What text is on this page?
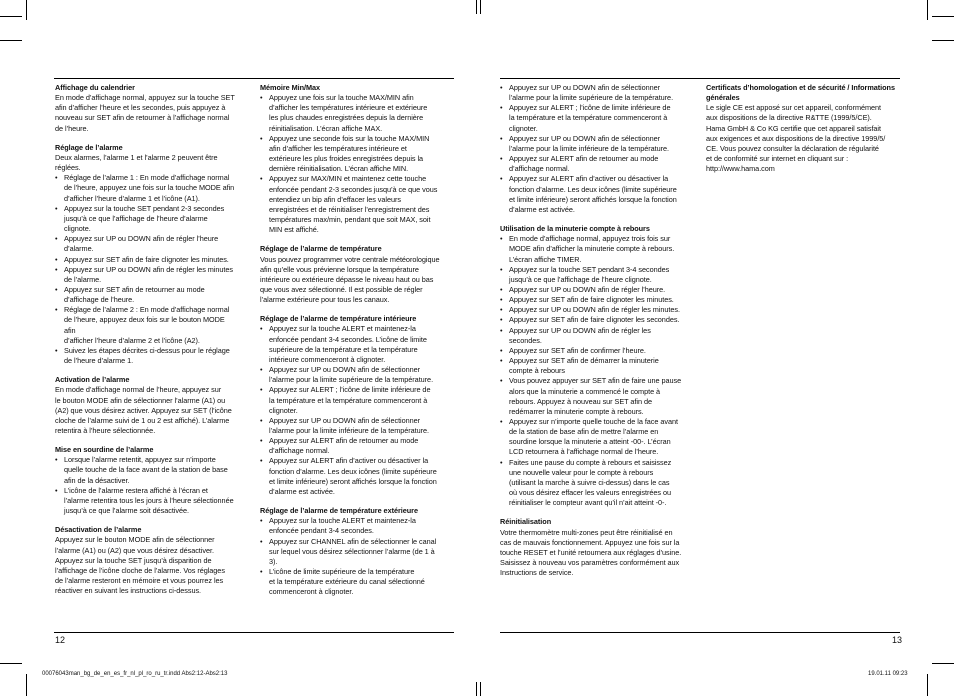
Affichage du calendrier

En mode d’affichage normal, appuyez sur la touche SET

afin d’afficher l’heure et les secondes, puis appuyez à

nouveau sur SET afin de retourner à l’affichage normal

de l’heure.

Réglage de l’alarme

Deux alarmes, l’alarme 1 et l’alarme 2 peuvent être

réglées.

• Réglage de l’alarme 1 : En mode d’affichage normal
de l’heure, appuyez une fois sur la touche MODE afin
d’afficher l’heure d’alarme 1 et l’icône (A1).
• Appuyez sur la touche SET pendant 2-3 secondes
jusqu’à ce que l’affichage de l’heure d’alarme
clignote.
• Appuyez sur UP ou DOWN afin de régler l’heure
d’alarme.
• Appuyez sur SET afin de faire clignoter les minutes.
• Appuyez sur UP ou DOWN afin de régler les minutes
de l’alarme.
• Appuyez sur SET afin de retourner au mode
d’affichage de l’heure.
• Réglage de l’alarme 2 : En mode d’affichage normal
de l’heure, appuyez deux fois sur le bouton MODE
afin
d’afficher l’heure d’alarme 2 et l’icône (A2).
• Suivez les étapes décrites ci-dessus pour le réglage
de l’heure d’alarme 1.
Activation de l’alarme

En mode d’affichage normal de l’heure, appuyez sur

le bouton MODE afin de sélectionner l’alarme (A1) ou

(A2) que vous désirez activer. Appuyez sur SET (l’icône

cloche de l’alarme suivi de 1 ou 2 est affiché). L’alarme

retentira à l’heure sélectionnée.

Mise en sourdine de l’alarme
• Lorsque l’alarme retentit, appuyez sur n’importe
quelle touche de la face avant de la station de base
afin de la désactiver.
• L’icône de l’alarme restera affiché à l’écran et
l’alarme retentira tous les jours à l’heure sélectionnée
jusqu’à ce que l’alarme soit désactivée.
Désactivation de l’alarme

Appuyez sur le bouton MODE afin de sélectionner

l’alarme (A1) ou (A2) que vous désirez désactiver.

Appuyez sur la touche SET jusqu’à disparition de

l’affichage de l’icône cloche de l’alarme. Vos réglages

de l’alarme resteront en mémoire et vous pourrez les

réactiver en suivant les instructions ci-dessus.

Mémoire Min/Max
• Appuyez une fois sur la touche MAX/MIN afin
d’afficher les températures intérieure et extérieure
les plus chaudes enregistrées depuis la dernière
réinitialisation. L’écran affiche MAX.
• Appuyez une seconde fois sur la touche MAX/MIN
afin d’afficher les températures intérieure et
extérieure les plus froides enregistrées depuis la
dernière réinitialisation. L’écran affiche MIN.
• Appuyez sur MAX/MIN et maintenez cette touche
enfoncée pendant 2-3 secondes jusqu’à ce que vous
entendiez un bip afin d’effacer les valeurs
enregistrées et de réinitialiser l’enregistrement des
températures max/min, pendant que soit MAX, soit
MIN est affiché.
Réglage de l’alarme de température

Vous pouvez programmer votre centrale météorologique

afin qu’elle vous prévienne lorsque la température

intérieure ou extérieure dépasse le niveau haut ou bas

que vous avez sélectionné. Il est possible de régler

l’alarme extérieure pour tous les canaux.

Réglage de l’alarme de température intérieure
• Appuyez sur la touche ALERT et maintenez-la
enfoncée pendant 3-4 secondes. L’icône de limite
supérieure de la température et la température
intérieure commenceront à clignoter.
• Appuyez sur UP ou DOWN afin de sélectionner
l’alarme pour la limite supérieure de la température.
• Appuyez sur ALERT ; l’icône de limite inférieure de
la température et la température commenceront à
clignoter.
• Appuyez sur UP ou DOWN afin de sélectionner
l’alarme pour la limite inférieure de la température.
• Appuyez sur ALERT afin de retourner au mode
d’affichage normal.
• Appuyez sur ALERT afin d’activer ou désactiver la
fonction d’alarme. Les deux icônes (limite supérieure
et limite inférieure) seront affichés lorsque la fonction
d’alarme est activée.
Réglage de l’alarme de température extérieure
• Appuyez sur la touche ALERT et maintenez-la
enfoncée pendant 3-4 secondes.
• Appuyez sur CHANNEL afin de sélectionner le canal
sur lequel vous désirez sélectionner l’alarme (de 1 à
3).
• L’icône de limite supérieure de la température
et la température extérieure du canal sélectionné
commenceront à clignoter.
• Appuyez sur UP ou DOWN afin de sélectionner
l’alarme pour la limite supérieure de la température.
• Appuyez sur ALERT ; l’icône de limite inférieure de
la température et la température commenceront à
clignoter.
• Appuyez sur UP ou DOWN afin de sélectionner
l’alarme pour la limite inférieure de la température.
• Appuyez sur ALERT afin de retourner au mode
d’affichage normal.
• Appuyez sur ALERT afin d’activer ou désactiver la
fonction d’alarme. Les deux icônes (limite supérieure
et limite inférieure) seront affichés lorsque la fonction
d’alarme est activée.
Utilisation de la minuterie compte à rebours
• En mode d’affichage normal, appuyez trois fois sur
MODE afin d’afficher la minuterie compte à rebours.
L’écran affiche TIMER.
• Appuyez sur la touche SET pendant 3-4 secondes
jusqu’à ce que l’affichage de l’heure clignote.
• Appuyez sur UP ou DOWN afin de régler l’heure.
• Appuyez sur SET afin de faire clignoter les minutes.
• Appuyez sur UP ou DOWN afin de régler les minutes.
• Appuyez sur SET afin de faire clignoter les secondes.
• Appuyez sur UP ou DOWN afin de régler les
secondes.
• Appuyez sur SET afin de confirmer l’heure.
• Appuyez sur SET afin de démarrer la minuterie
compte à rebours
• Vous pouvez appuyer sur SET afin de faire une pause
alors que la minuterie a commencé le compte à
rebours. Appuyez à nouveau sur SET afin de
redémarrer la minuterie compte à rebours.
• Appuyez sur n’importe quelle touche de la face avant
de la station de base afin de mettre l’alarme en
sourdine lorsque la minuterie a atteint -00-. L’écran
LCD retournera à l’affichage normal de l’heure.
• Faites une pause du compte à rebours et saisissez
une nouvelle valeur pour le compte à rebours
(utilisant la marche à suivre ci-dessus) dans le cas
où vous désirez effacer les valeurs enregistrées ou
réinitialiser le compteur avant qu’il n’ait atteint -0-.
Réinitialisation

Votre thermomètre multi-zones peut être réinitialisé en

cas de mauvais fonctionnement. Appuyez une fois sur la

touche RESET et l’unité retournera aux réglages d’usine.

Saisissez à nouveau vos paramètres conformément aux

Instructions de service.

Certificats d’homologation et de sécurité / Informations
générales

Le sigle CE est apposé sur cet appareil, conformément

aux dispositions de la directive R&TTE (1999/5/CE).

Hama GmbH & Co KG certifie que cet appareil satisfait

aux exigences et aux dispositions de la directive 1999/5/

CE. Vous pouvez consulter la déclaration de régularité

et de conformité sur internet en cliquant sur :

http://www.hama.com

12	13
00076043man_bg_de_en_es_fr_nl_pl_ro_ru_tr.indd Abs2:12-Abs2:13	19.01.11 09:23
